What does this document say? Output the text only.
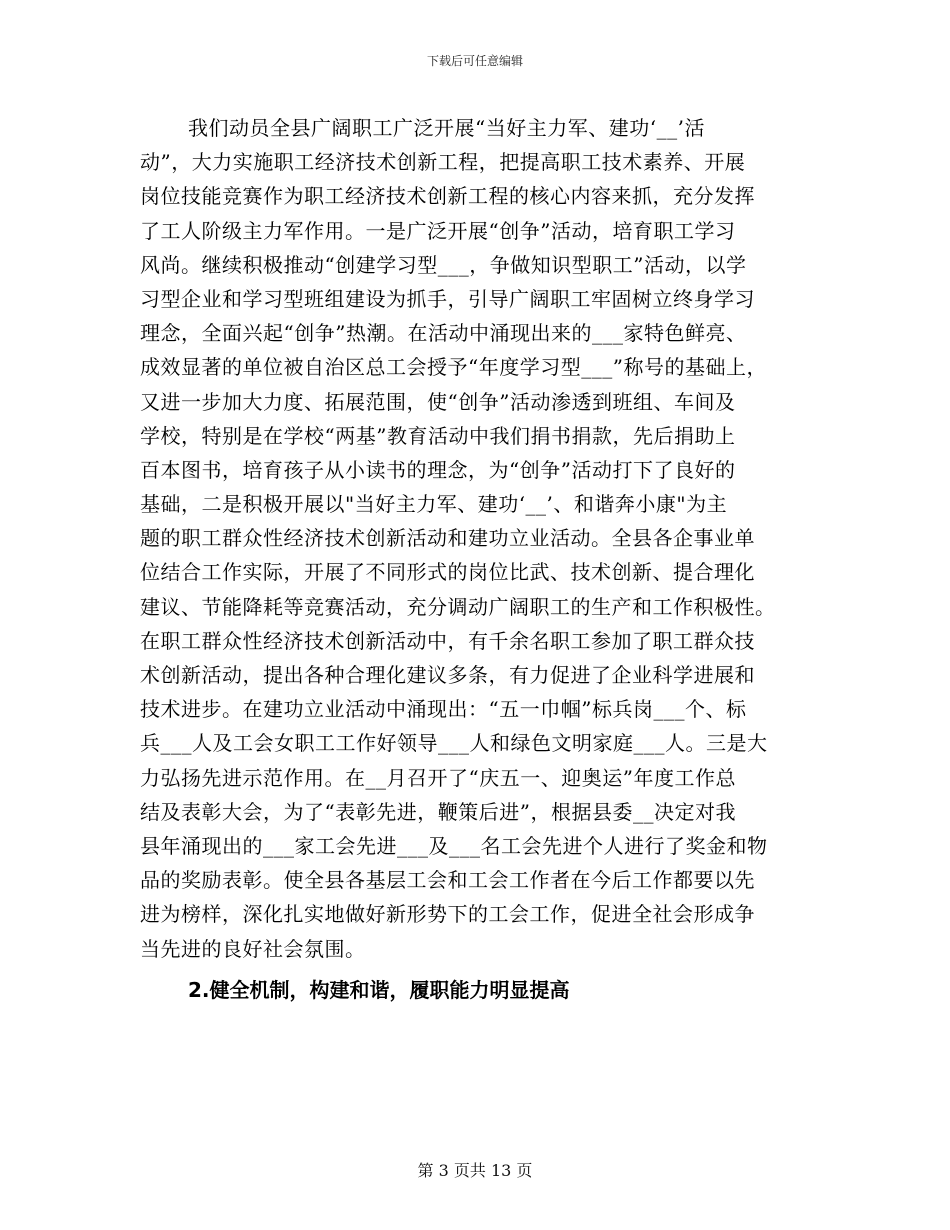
下载后可任意编辑
我们动员全县广阔职工广泛开展“当好主力军、建功‘__’活
动”，大力实施职工经济技术创新工程，把提高职工技术素养、开展
岗位技能竞赛作为职工经济技术创新工程的核心内容来抓，充分发挥
了工人阶级主力军作用。一是广泛开展“创争”活动，培育职工学习
风尚。继续积极推动“创建学习型___，争做知识型职工”活动，以学
习型企业和学习型班组建设为抓手，引导广阔职工牢固树立终身学习
理念，全面兴起“创争”热潮。在活动中涌现出来的___家特色鲜亮、
成效显著的单位被自治区总工会授予“年度学习型___”称号的基础上，
又进一步加大力度、拓展范围，使“创争”活动渗透到班组、车间及
学校，特别是在学校“两基”教育活动中我们捐书捐款，先后捐助上
百本图书，培育孩子从小读书的理念，为“创争”活动打下了良好的
基础，二是积极开展以"当好主力军、建功‘__’、和谐奔小康"为主
题的职工群众性经济技术创新活动和建功立业活动。全县各企事业单
位结合工作实际，开展了不同形式的岗位比武、技术创新、提合理化
建议、节能降耗等竞赛活动，充分调动广阔职工的生产和工作积极性。
在职工群众性经济技术创新活动中，有千余名职工参加了职工群众技
术创新活动，提出各种合理化建议多条，有力促进了企业科学进展和
技术进步。在建功立业活动中涌现出：“五一巾帼”标兵岗___个、标
兵___人及工会女职工工作好领导___人和绿色文明家庭___人。三是大
力弘扬先进示范作用。在__月召开了“庆五一、迎奥运”年度工作总
结及表彰大会，为了“表彰先进，鞭策后进”，根据县委__决定对我
县年涌现出的___家工会先进___及___名工会先进个人进行了奖金和物
品的奖励表彰。使全县各基层工会和工会工作者在今后工作都要以先
进为榜样，深化扎实地做好新形势下的工会工作，促进全社会形成争
当先进的良好社会氛围。
2.健全机制，构建和谐，履职能力明显提高
第 3 页共 13 页
